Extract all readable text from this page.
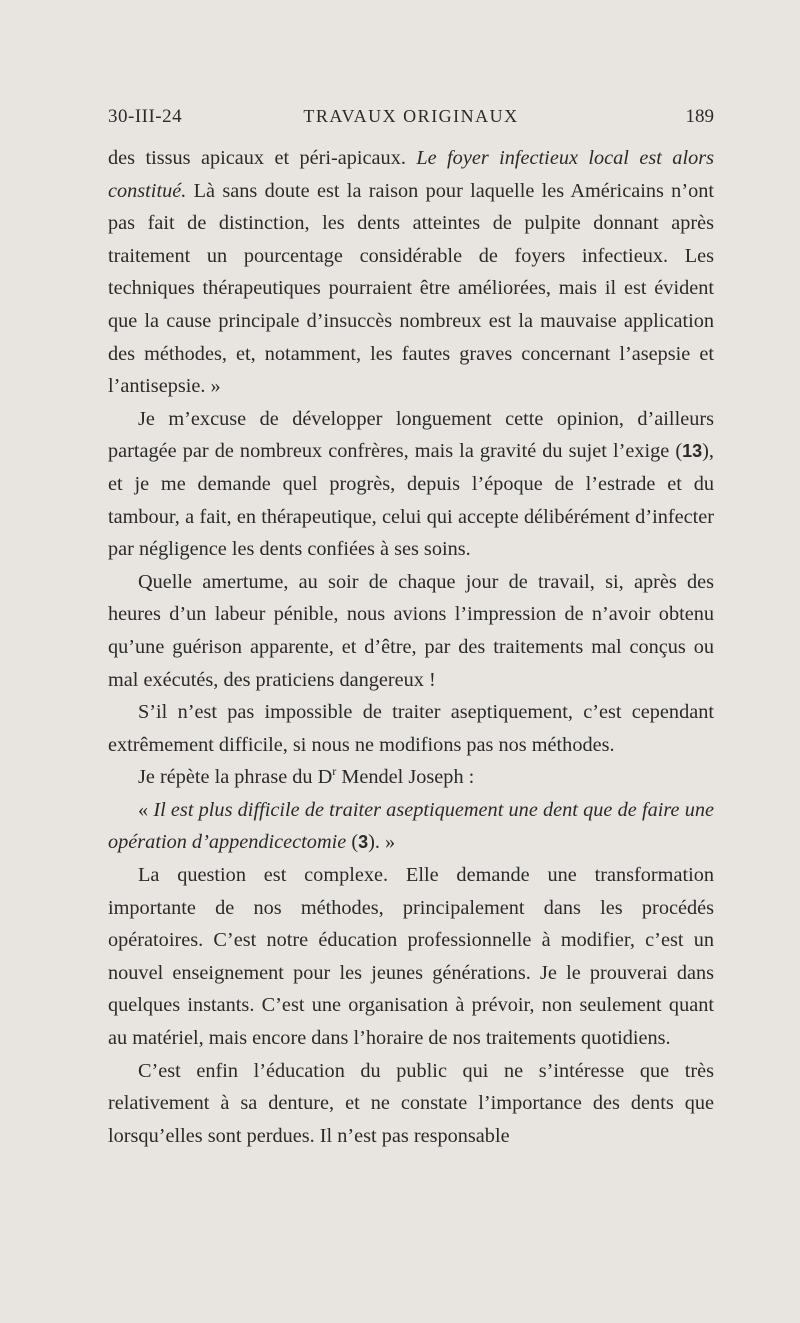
30-III-24	TRAVAUX ORIGINAUX	189

des tissus apicaux et péri-apicaux. Le foyer infectieux local est alors constitué. Là sans doute est la raison pour laquelle les Américains n’ont pas fait de distinction, les dents atteintes de pulpite donnant après traitement un pourcentage considérable de foyers infectieux. Les techniques thérapeutiques pourraient être améliorées, mais il est évident que la cause principale d’insuccès nombreux est la mauvaise application des méthodes, et, notamment, les fautes graves concernant l’asepsie et l’antisepsie. »

Je m’excuse de développer longuement cette opinion, d’ailleurs partagée par de nombreux confrères, mais la gravité du sujet l’exige (13), et je me demande quel progrès, depuis l’époque de l’estrade et du tambour, a fait, en thérapeutique, celui qui accepte délibérément d’infecter par négligence les dents confiées à ses soins.

Quelle amertume, au soir de chaque jour de travail, si, après des heures d’un labeur pénible, nous avions l’impression de n’avoir obtenu qu’une guérison apparente, et d’être, par des traitements mal conçus ou mal exécutés, des praticiens dangereux !

S’il n’est pas impossible de traiter aseptiquement, c’est cependant extrêmement difficile, si nous ne modifions pas nos méthodes.

Je répète la phrase du $D^r$ Mendel Joseph :

« Il est plus difficile de traiter aseptiquement une dent que de faire une opération d’appendicectomie (3). »

La question est complexe. Elle demande une transformation importante de nos méthodes, principalement dans les procédés opératoires. C’est notre éducation professionnelle à modifier, c’est un nouvel enseignement pour les jeunes générations. Je le prouverai dans quelques instants. C’est une organisation à prévoir, non seulement quant au matériel, mais encore dans l’horaire de nos traitements quotidiens.

C’est enfin l’éducation du public qui ne s’intéresse que très relativement à sa denture, et ne constate l’importance des dents que lorsqu’elles sont perdues. Il n’est pas responsable
